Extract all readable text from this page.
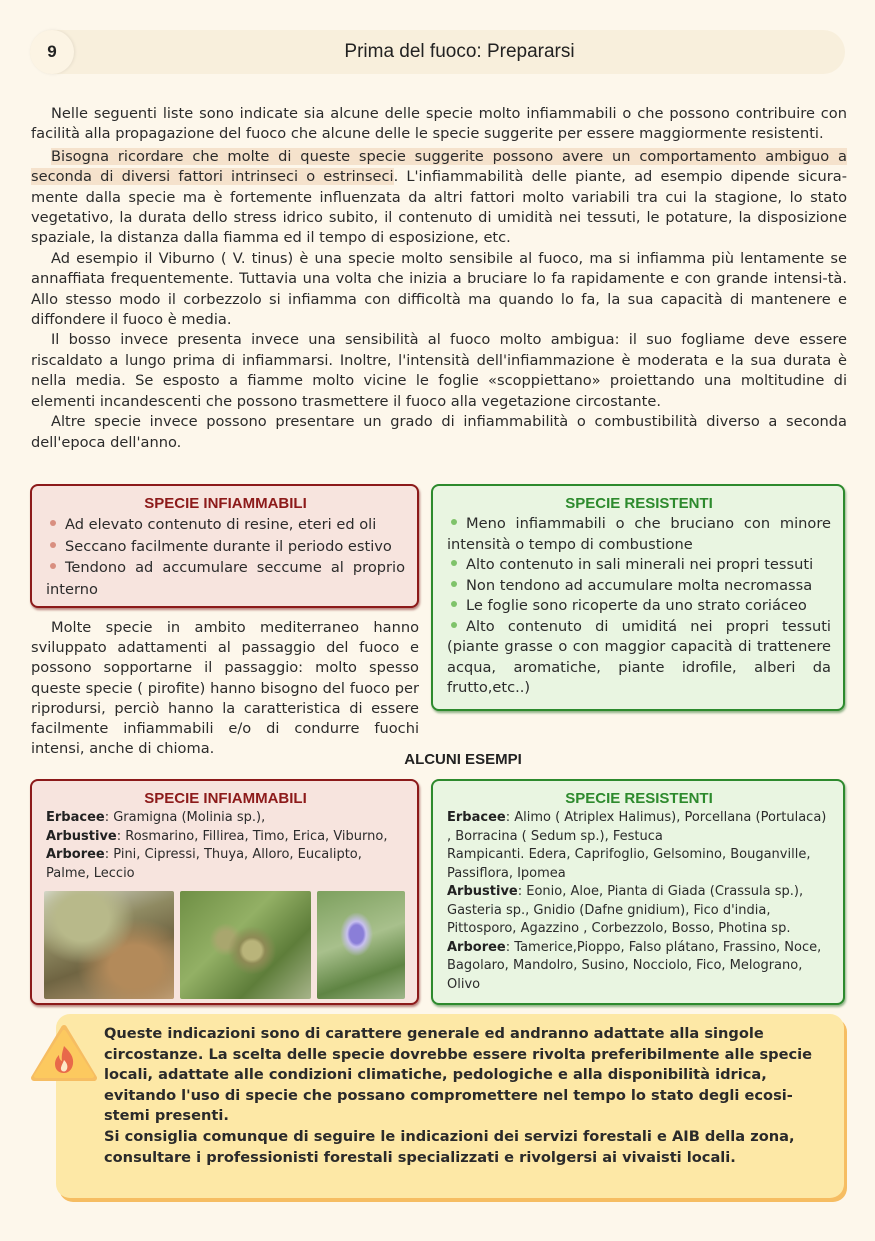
9	Prima del fuoco: Prepararsi

Nelle seguenti liste sono indicate sia alcune delle specie molto infiammabili o che possono contribuire con facilità alla propagazione del fuoco che alcune delle le specie suggerite per essere maggiormente resistenti.

Bisogna ricordare che molte di queste specie suggerite possono avere un comportamento ambiguo a seconda di diversi fattori intrinseci o estrinseci. L'infiammabilità delle piante, ad esempio dipende sicura-mente dalla specie ma è fortemente influenzata da altri fattori molto variabili tra cui la stagione, lo stato vegetativo, la durata dello stress idrico subito, il contenuto di umidità nei tessuti, le potature, la disposizione spaziale, la distanza dalla fiamma ed il tempo di esposizione, etc.

Ad esempio il Viburno ( V. tinus) è una specie molto sensibile al fuoco, ma si infiamma più lentamente se annaffiata frequentemente. Tuttavia una volta che inizia a bruciare lo fa rapidamente e con grande intensi-tà. Allo stesso modo il corbezzolo si infiamma con difficoltà ma quando lo fa, la sua capacità di mantenere e diffondere il fuoco è media.

Il bosso invece presenta invece una sensibilità al fuoco molto ambigua: il suo fogliame deve essere riscaldato a lungo prima di infiammarsi. Inoltre, l'intensità dell'infiammazione è moderata e la sua durata è nella media. Se esposto a fiamme molto vicine le foglie «scoppiettano» proiettando una moltitudine di elementi incandescenti che possono trasmettere il fuoco alla vegetazione circostante.

Altre specie invece possono presentare un grado di infiammabilità o combustibilità diverso a seconda dell'epoca dell'anno.

SPECIE INFIAMMABILI
Ad elevato contenuto di resine, eteri ed oli
Seccano facilmente durante il periodo estivo
Tendono ad accumulare seccume al proprio interno
SPECIE RESISTENTI
Meno infiammabili o che bruciano con minore intensità o tempo di combustione
Alto contenuto in sali minerali nei propri tessuti
Non tendono ad accumulare molta necromassa
Le foglie sono ricoperte da uno strato coriáceo
Alto contenuto di umiditá nei propri tessuti (piante grasse o con maggior capacità di trattenere acqua, aromatiche, piante idrofile, alberi da frutto,etc..)
Molte specie in ambito mediterraneo hanno sviluppato adattamenti al passaggio del fuoco e possono sopportarne il passaggio: molto spesso queste specie ( pirofite) hanno bisogno del fuoco per riprodursi, perciò hanno la caratteristica di essere facilmente infiammabili e/o di condurre fuochi intensi, anche di chioma.
ALCUNI ESEMPI
SPECIE INFIAMMABILI
Erbacee: Gramigna (Molinia sp.),
Arbustive: Rosmarino, Fillirea, Timo, Erica, Viburno,
Arboree: Pini, Cipressi, Thuya, Alloro, Eucalipto, Palme, Leccio
SPECIE RESISTENTI
Erbacee: Alimo ( Atriplex Halimus), Porcellana (Portulaca) , Borracina ( Sedum sp.), Festuca
Rampicanti. Edera, Caprifoglio, Gelsomino, Bouganville, Passiflora, Ipomea
Arbustive: Eonio, Aloe, Pianta di Giada (Crassula sp.), Gasteria sp., Gnidio (Dafne gnidium), Fico d'india, Pittosporo, Agazzino , Corbezzolo, Bosso, Photina sp.
Arboree: Tamerice,Pioppo, Falso plátano, Frassino, Noce, Bagolaro, Mandolro, Susino, Nocciolo, Fico, Melograno, Olivo

Queste indicazioni sono di carattere generale ed andranno adattate alla singole circostanze. La scelta delle specie dovrebbe essere rivolta preferibilmente alle specie locali, adattate alle condizioni climatiche, pedologiche e alla disponibilità idrica, evitando l'uso di specie che possano compromettere nel tempo lo stato degli ecosi-stemi presenti.

Si consiglia comunque di seguire le indicazioni dei servizi forestali e AIB della zona, consultare i professionisti forestali specializzati e rivolgersi ai vivaisti locali.
